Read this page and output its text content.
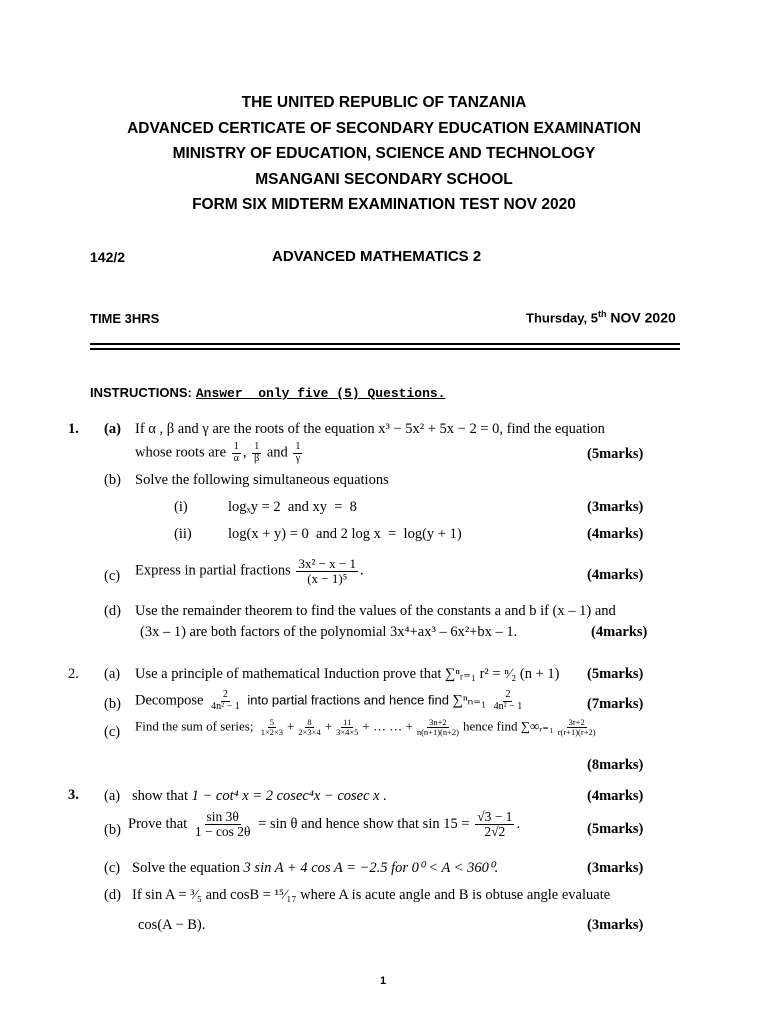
THE UNITED REPUBLIC OF TANZANIA
ADVANCED CERTICATE OF SECONDARY EDUCATION EXAMINATION
MINISTRY OF EDUCATION, SCIENCE AND TECHNOLOGY
MSANGANI SECONDARY SCHOOL
FORM SIX MIDTERM EXAMINATION TEST NOV 2020
142/2	ADVANCED MATHEMATICS 2
TIME 3HRS	Thursday, 5th NOV 2020
INSTRUCTIONS: Answer  only five (5) Questions.
1. (a) If α , β and γ are the roots of the equation x³ − 5x² + 5x − 2 = 0, find the equation
whose roots are $\frac{1}{\alpha}$ , $\frac{1}{\beta}$ and $\frac{1}{\gamma}$	(5marks)
(b) Solve the following simultaneous equations
(i)	logₓy = 2  and xy  =  8	(3marks)
(ii)	log(x + y) = 0  and 2 log x  =  log(y + 1)	(4marks)
(c) Express in partial fractions $\frac{\text{3x² − x − 1}}{\text{(x − 1)⁵}}$ .	(4marks)
(d) Use the remainder theorem to find the values of the constants a and b if (x – 1) and
(3x – 1) are both factors of the polynomial 3x⁴+ax³ – 6x²+bx – 1.	(4marks)
2. (a) Use a principle of mathematical Induction prove that ∑ⁿᵣ₌₁ r² = ⁿ⁄₂ (n + 1) (5marks)
(b) Decompose $\frac{2}{\text{4n² − 1}}$ into partial fractions and hence find $\sum^n_{n=1} \frac{2}{\text{4n² − 1}}$	(7marks)
(c) Find the sum of series; $\frac{5}{1\times 2\times 3} + \frac{8}{2\times 3\times 4} + \frac{11}{3\times 4\times 5}$ + … … + $\frac{3n+2}{n(n+1)(n+2)}$ hence find ∑∞ᵣ₌₁ $\frac{3r+2}{r(r+1)(r+2)}$
(8marks)
3. (a) show that 1 − cot⁴ x = 2 cosec⁴x − cosec x .	(4marks)
(b) Prove that $\frac{\sin 3\theta}{1 - \cos 2\theta} = \sin \theta$ and hence show that $\sin 15 = \frac{√3 - 1}{2√2}$ .	(5marks)
(c) Solve the equation 3 sin A + 4 cos A = −2.5 for 0⁰ < A < 360⁰.	(3marks)
(d) If sin A = ³⁄₅ and cosB = ¹⁵⁄₁₇ where A is acute angle and B is obtuse angle evaluate
cos(A − B).	(3marks)
1
